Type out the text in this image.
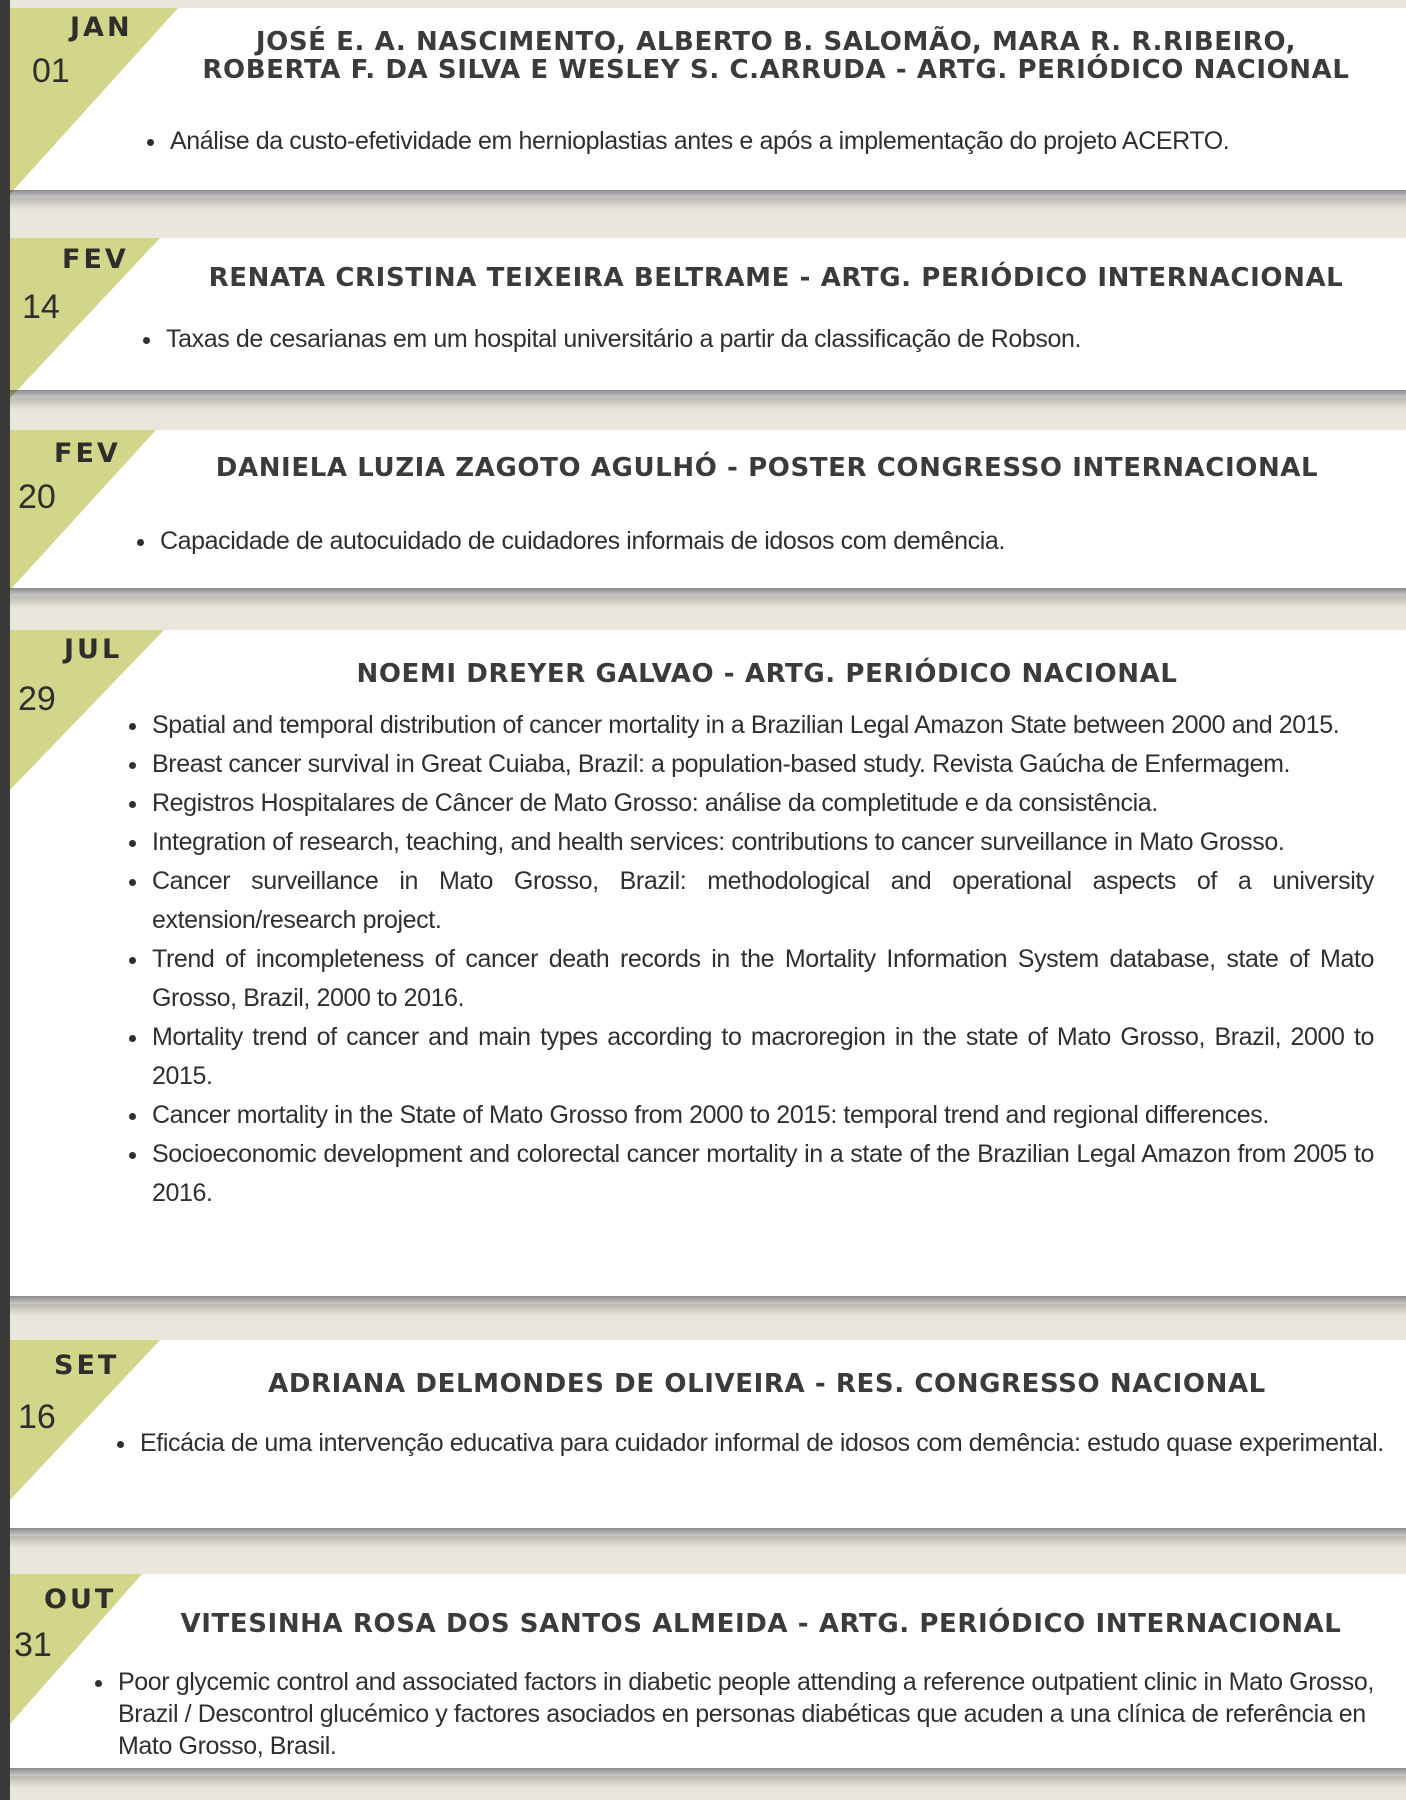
JAN
01
JOSÉ E. A. NASCIMENTO, ALBERTO B. SALOMÃO, MARA R. R.RIBEIRO,
ROBERTA F. DA SILVA E WESLEY S. C.ARRUDA - ARTG. PERIÓDICO NACIONAL
• Análise da custo-efetividade em hernioplastias antes e após a implementação do projeto ACERTO.
FEV
14
RENATA CRISTINA TEIXEIRA BELTRAME - ARTG. PERIÓDICO INTERNACIONAL
• Taxas de cesarianas em um hospital universitário a partir da classificação de Robson.
FEV
20
DANIELA LUZIA ZAGOTO AGULHÓ - POSTER CONGRESSO INTERNACIONAL
• Capacidade de autocuidado de cuidadores informais de idosos com demência.
JUL
29
NOEMI DREYER GALVAO - ARTG. PERIÓDICO NACIONAL
• Spatial and temporal distribution of cancer mortality in a Brazilian Legal Amazon State between 2000 and 2015.
• Breast cancer survival in Great Cuiaba, Brazil: a population-based study. Revista Gaúcha de Enfermagem.
• Registros Hospitalares de Câncer de Mato Grosso: análise da completitude e da consistência.
• Integration of research, teaching, and health services: contributions to cancer surveillance in Mato Grosso.
• Cancer surveillance in Mato Grosso, Brazil: methodological and operational aspects of a university extension/research project.
• Trend of incompleteness of cancer death records in the Mortality Information System database, state of Mato Grosso, Brazil, 2000 to 2016.
• Mortality trend of cancer and main types according to macroregion in the state of Mato Grosso, Brazil, 2000 to 2015.
• Cancer mortality in the State of Mato Grosso from 2000 to 2015: temporal trend and regional differences.
• Socioeconomic development and colorectal cancer mortality in a state of the Brazilian Legal Amazon from 2005 to 2016.
SET
16
ADRIANA DELMONDES DE OLIVEIRA - RES. CONGRESSO NACIONAL
• Eficácia de uma intervenção educativa para cuidador informal de idosos com demência: estudo quase experimental.
OUT
31
VITESINHA ROSA DOS SANTOS ALMEIDA - ARTG. PERIÓDICO INTERNACIONAL
• Poor glycemic control and associated factors in diabetic people attending a reference outpatient clinic in Mato Grosso, Brazil / Descontrol glucémico y factores asociados en personas diabéticas que acuden a una clínica de referência en Mato Grosso, Brasil.
